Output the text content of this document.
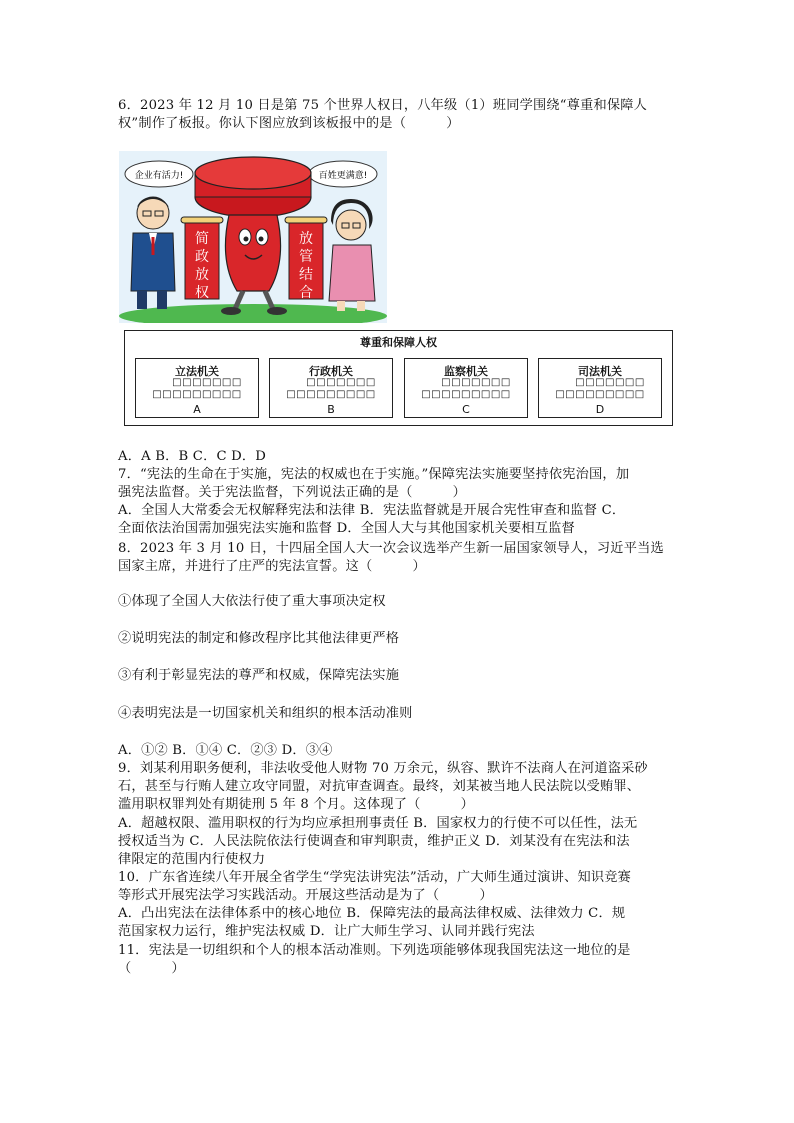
6．2023 年 12 月 10 日是第 75 个世界人权日，八年级（1）班同学围绕“尊重和保障人
权”制作了板报。你认下图应放到该板报中的是（　　　）
企业有活力!	百姓更满意!
简
政
放
权
放
管
结
合
尊重和保障人权
立法机关
□□□□□□□
□□□□□□□□□
A
行政机关
□□□□□□□
□□□□□□□□□
B
监察机关
□□□□□□□
□□□□□□□□□
C
司法机关
□□□□□□□
□□□□□□□□□
D
A．A B．B C．C D．D
7．“宪法的生命在于实施，宪法的权威也在于实施。”保障宪法实施要坚持依宪治国，加
强宪法监督。关于宪法监督，下列说法正确的是（　　　）
A．全国人大常委会无权解释宪法和法律 B．宪法监督就是开展合宪性审查和监督 C．
全面依法治国需加强宪法实施和监督 D．全国人大与其他国家机关要相互监督
8．2023 年 3 月 10 日，十四届全国人大一次会议选举产生新一届国家领导人，习近平当选
国家主席，并进行了庄严的宪法宣誓。这（　　　）
①体现了全国人大依法行使了重大事项决定权
②说明宪法的制定和修改程序比其他法律更严格
③有利于彰显宪法的尊严和权威，保障宪法实施
④表明宪法是一切国家机关和组织的根本活动准则
A．①② B．①④ C．②③ D．③④
9．刘某利用职务便利，非法收受他人财物 70 万余元，纵容、默许不法商人在河道盗采砂
石，甚至与行贿人建立攻守同盟，对抗审查调查。最终，刘某被当地人民法院以受贿罪、
滥用职权罪判处有期徒刑 5 年 8 个月。这体现了（　　　）
A．超越权限、滥用职权的行为均应承担刑事责任 B．国家权力的行使不可以任性，法无
授权适当为 C．人民法院依法行使调查和审判职责，维护正义 D．刘某没有在宪法和法
律限定的范围内行使权力
10．广东省连续八年开展全省学生“学宪法讲宪法”活动，广大师生通过演讲、知识竞赛
等形式开展宪法学习实践活动。开展这些活动是为了（　　　）
A．凸出宪法在法律体系中的核心地位 B．保障宪法的最高法律权威、法律效力 C．规
范国家权力运行，维护宪法权威 D．让广大师生学习、认同并践行宪法
11．宪法是一切组织和个人的根本活动准则。下列选项能够体现我国宪法这一地位的是
（　　　）
